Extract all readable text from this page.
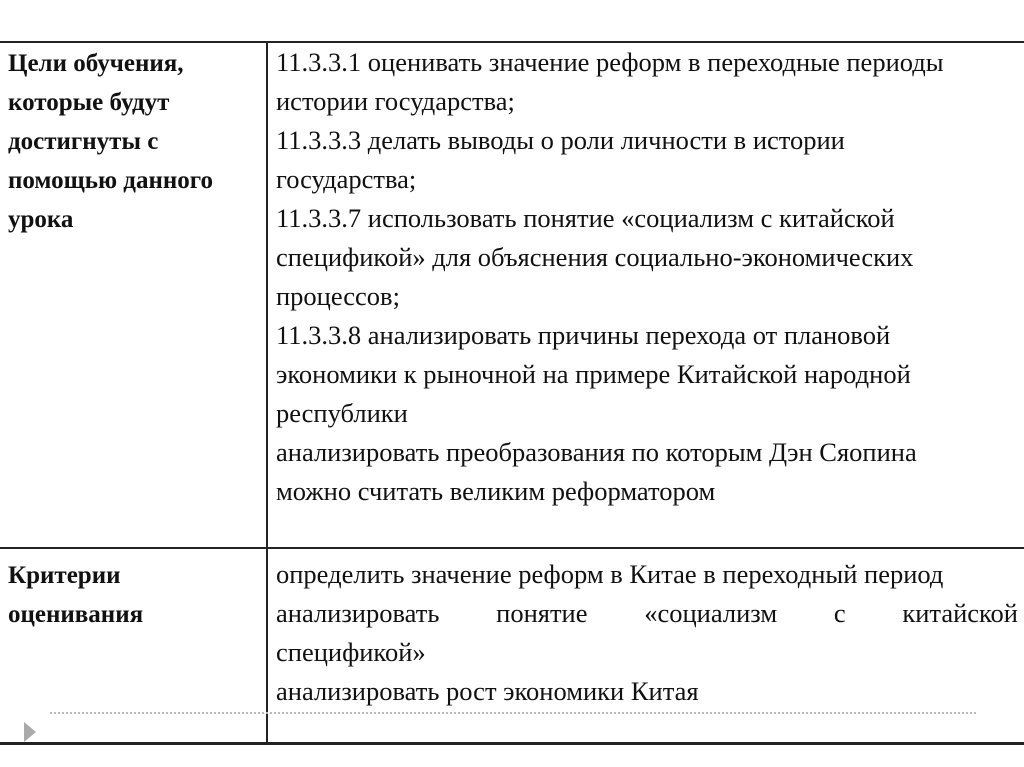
Цели обучения,
которые будут
достигнуты с
помощью данного
урока
11.3.3.1 оценивать значение реформ в переходные периоды
истории государства;
11.3.3.3 делать выводы о роли личности в истории
государства;
11.3.3.7 использовать понятие «социализм с китайской
спецификой» для объяснения социально-экономических
процессов;
11.3.3.8 анализировать причины перехода от плановой
экономики к рыночной на примере Китайской народной
республики
анализировать преобразования по которым Дэн Сяопина
можно считать великим реформатором
Критерии
оценивания
определить значение реформ в Китае в переходный период
анализировать понятие «социализм с китайской
спецификой»
анализировать рост экономики Китая
